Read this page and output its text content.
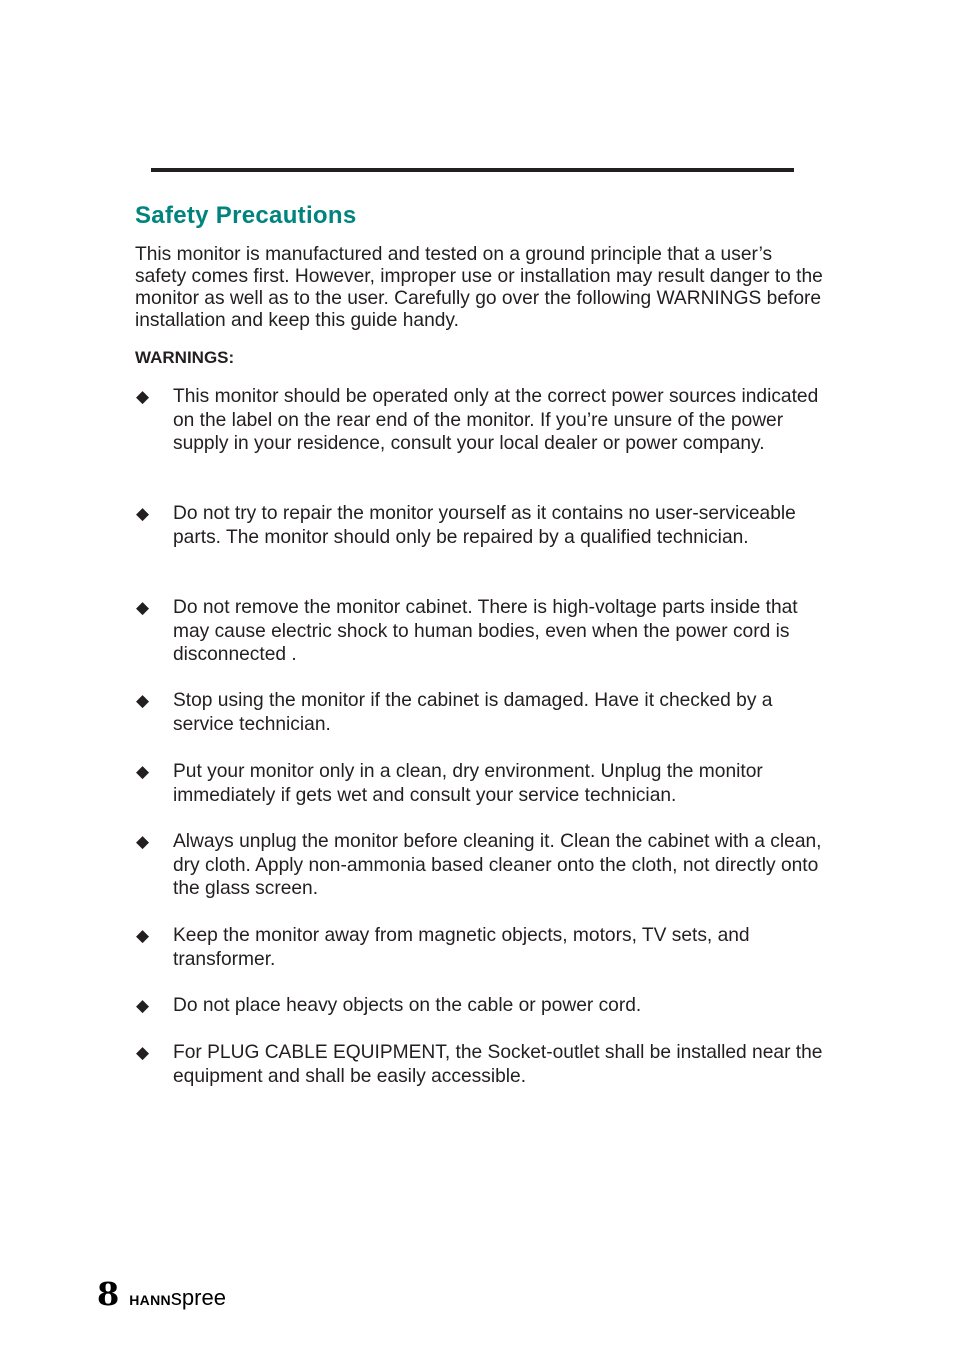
Safety Precautions

This monitor is manufactured and tested on a ground principle that a user’s safety comes first. However, improper use or installation may result danger to the monitor as well as to the user. Carefully go over the following WARNINGS before installation and keep this guide handy.

WARNINGS:

◆ This monitor should be operated only at the correct power sources indicated on the label on the rear end of the monitor. If you’re unsure of the power supply in your residence, consult your local dealer or power company.
◆ Do not try to repair the monitor yourself as it contains no user-serviceable parts. The monitor should only be repaired by a qualified technician.
◆ Do not remove the monitor cabinet. There is high-voltage parts inside that may cause electric shock to human bodies, even when the power cord is disconnected .
◆ Stop using the monitor if the cabinet is damaged. Have it checked by a service technician.
◆ Put your monitor only in a clean, dry environment. Unplug the monitor immediately if gets wet and consult your service technician.
◆ Always unplug the monitor before cleaning it. Clean the cabinet with a clean, dry cloth. Apply non-ammonia based cleaner onto the cloth, not directly onto the glass screen.
◆ Keep the monitor away from magnetic objects, motors, TV sets, and transformer.
◆ Do not place heavy objects on the cable or power cord.
◆ For PLUG CABLE EQUIPMENT, the Socket-outlet shall be installed near the equipment and shall be easily accessible.
8 HANN spree
